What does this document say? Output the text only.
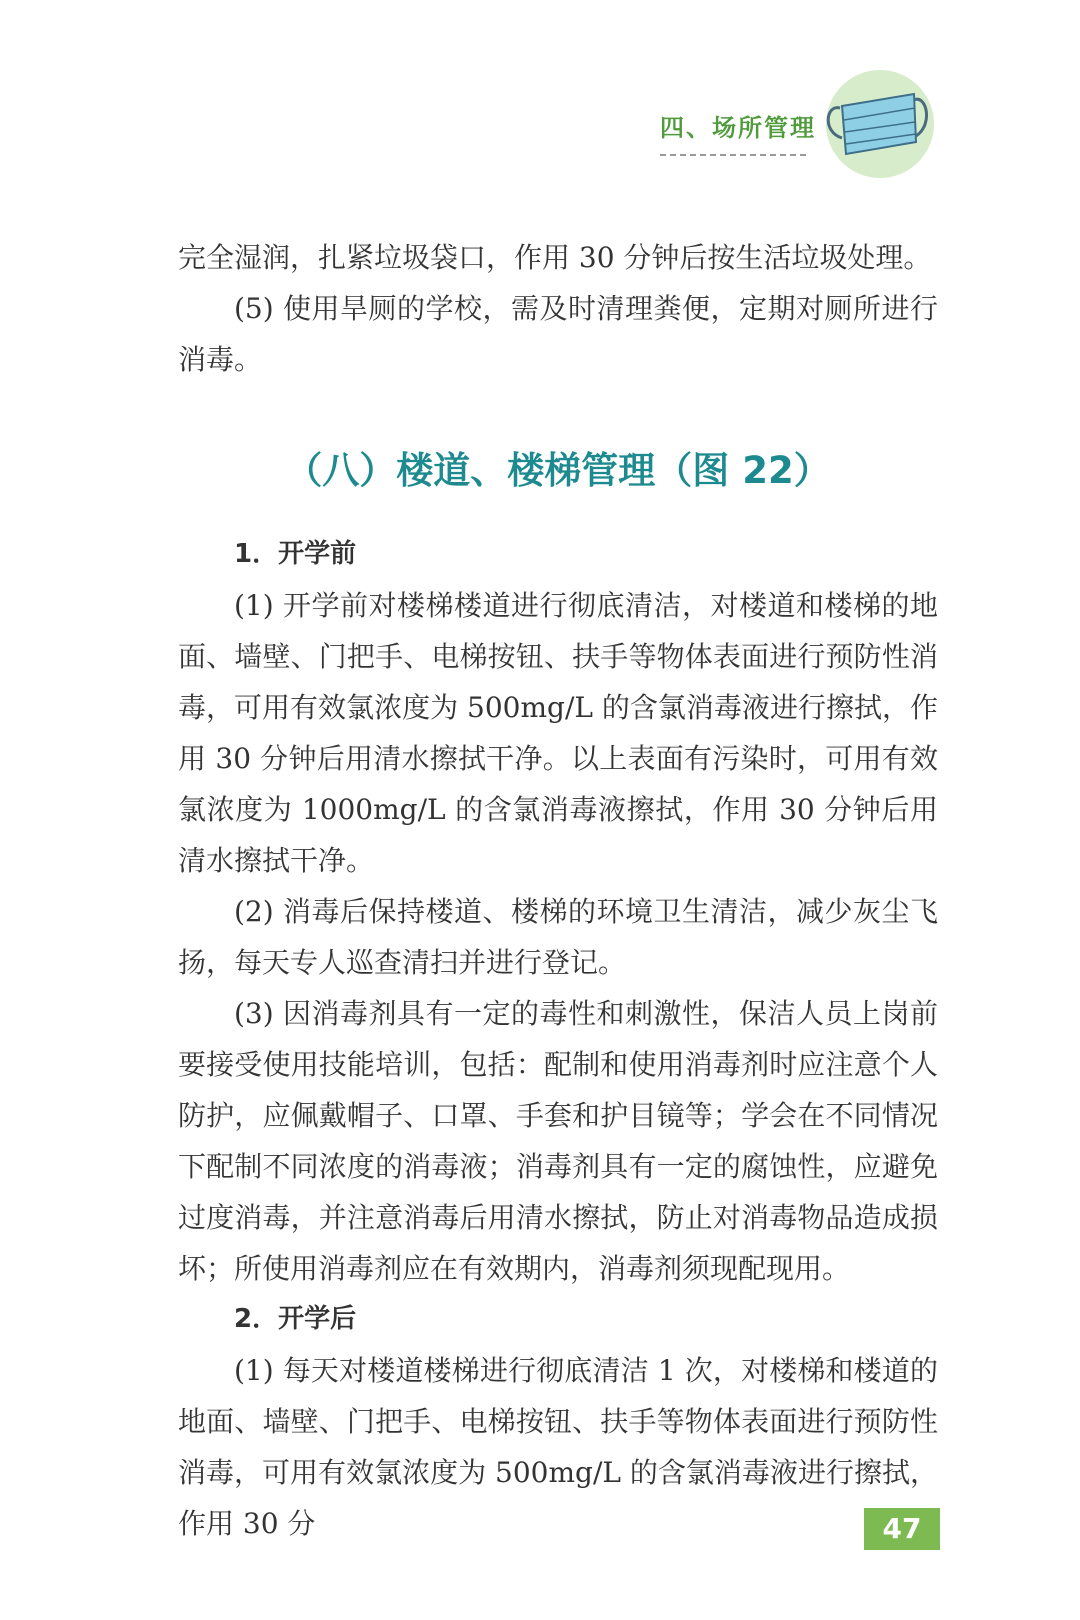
四、场所管理

完全湿润，扎紧垃圾袋口，作用 30 分钟后按生活垃圾处理。

(5) 使用旱厕的学校，需及时清理粪便，定期对厕所进行消毒。

（八）楼道、楼梯管理（图 22）
1．开学前

(1) 开学前对楼梯楼道进行彻底清洁，对楼道和楼梯的地面、墙壁、门把手、电梯按钮、扶手等物体表面进行预防性消毒，可用有效氯浓度为 500mg/L 的含氯消毒液进行擦拭，作用 30 分钟后用清水擦拭干净。以上表面有污染时，可用有效氯浓度为 1000mg/L 的含氯消毒液擦拭，作用 30 分钟后用清水擦拭干净。

(2) 消毒后保持楼道、楼梯的环境卫生清洁，减少灰尘飞扬，每天专人巡查清扫并进行登记。

(3) 因消毒剂具有一定的毒性和刺激性，保洁人员上岗前要接受使用技能培训，包括：配制和使用消毒剂时应注意个人防护，应佩戴帽子、口罩、手套和护目镜等；学会在不同情况下配制不同浓度的消毒液；消毒剂具有一定的腐蚀性，应避免过度消毒，并注意消毒后用清水擦拭，防止对消毒物品造成损坏；所使用消毒剂应在有效期内，消毒剂须现配现用。

2．开学后

(1) 每天对楼道楼梯进行彻底清洁 1 次，对楼梯和楼道的地面、墙壁、门把手、电梯按钮、扶手等物体表面进行预防性消毒，可用有效氯浓度为 500mg/L 的含氯消毒液进行擦拭，作用 30 分	47
